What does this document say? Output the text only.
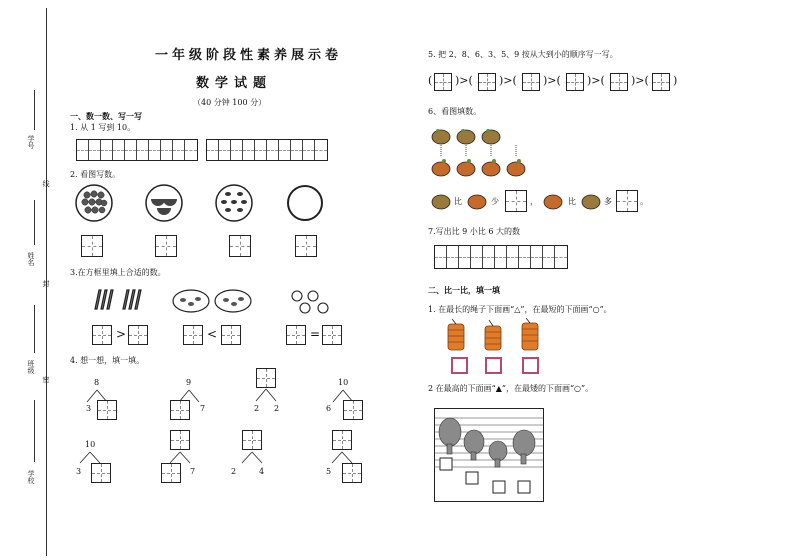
学号
线
姓名
封
班级
密
学校
一年级阶段性素养展示卷
数学试题
（40 分钟 100 分）
一、数一数、写一写
1. 从 1 写到 10。
2. 看图写数。
3.在方框里填上合适的数。
>	<	=
4. 想一想，填一填。
8
3
9
7	2 2
10
6
10
3	7	2	4	5
5. 把 2、8、6、3、5、9 按从大到小的顺序写一写。
( )>( )>( )>( )>( )>( )
6、看图填数。
比	少	，	比	多	。
7.写出比 9 小比 6 大的数
二、比一比，填一填
1. 在最长的绳子下面画“△”，在最短的下面画“○”。
2 在最高的下面画“▲”，在最矮的下面画“○”。
